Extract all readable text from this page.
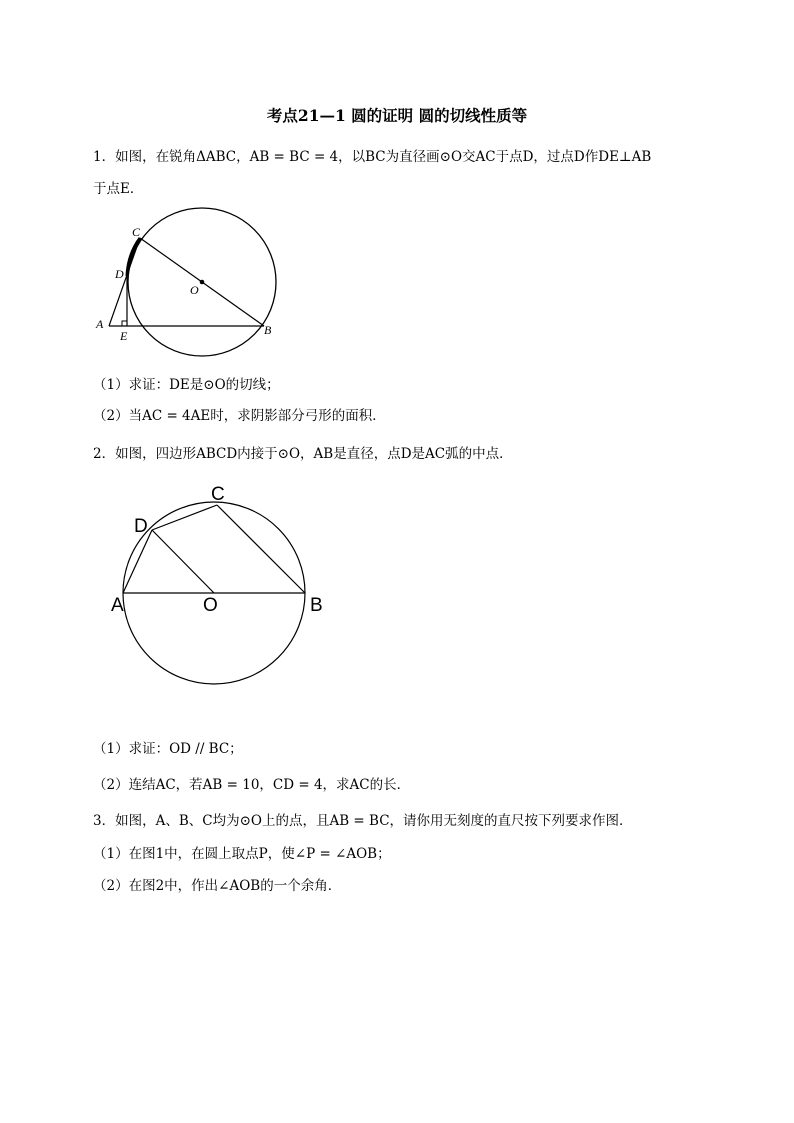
考点21—1 圆的证明 圆的切线性质等
1．如图，在锐角ΔABC，AB = BC = 4，以BC为直径画⊙O交AC于点D，过点D作DE⊥AB
于点E．
C
D
O
A
E	B
（1）求证：DE是⊙O的切线；
（2）当AC = 4AE时，求阴影部分弓形的面积．
2．如图，四边形ABCD内接于⊙O，AB是直径，点D是AC弧的中点．
C
D
A	O	B
（1）求证：OD // BC；
（2）连结AC，若AB = 10，CD = 4，求AC的长．
3．如图，A、B、C均为⊙O上的点，且AB = BC，请你用无刻度的直尺按下列要求作图．
（1）在图1中，在圆上取点P，使∠P = ∠AOB；
（2）在图2中，作出∠AOB的一个余角．
